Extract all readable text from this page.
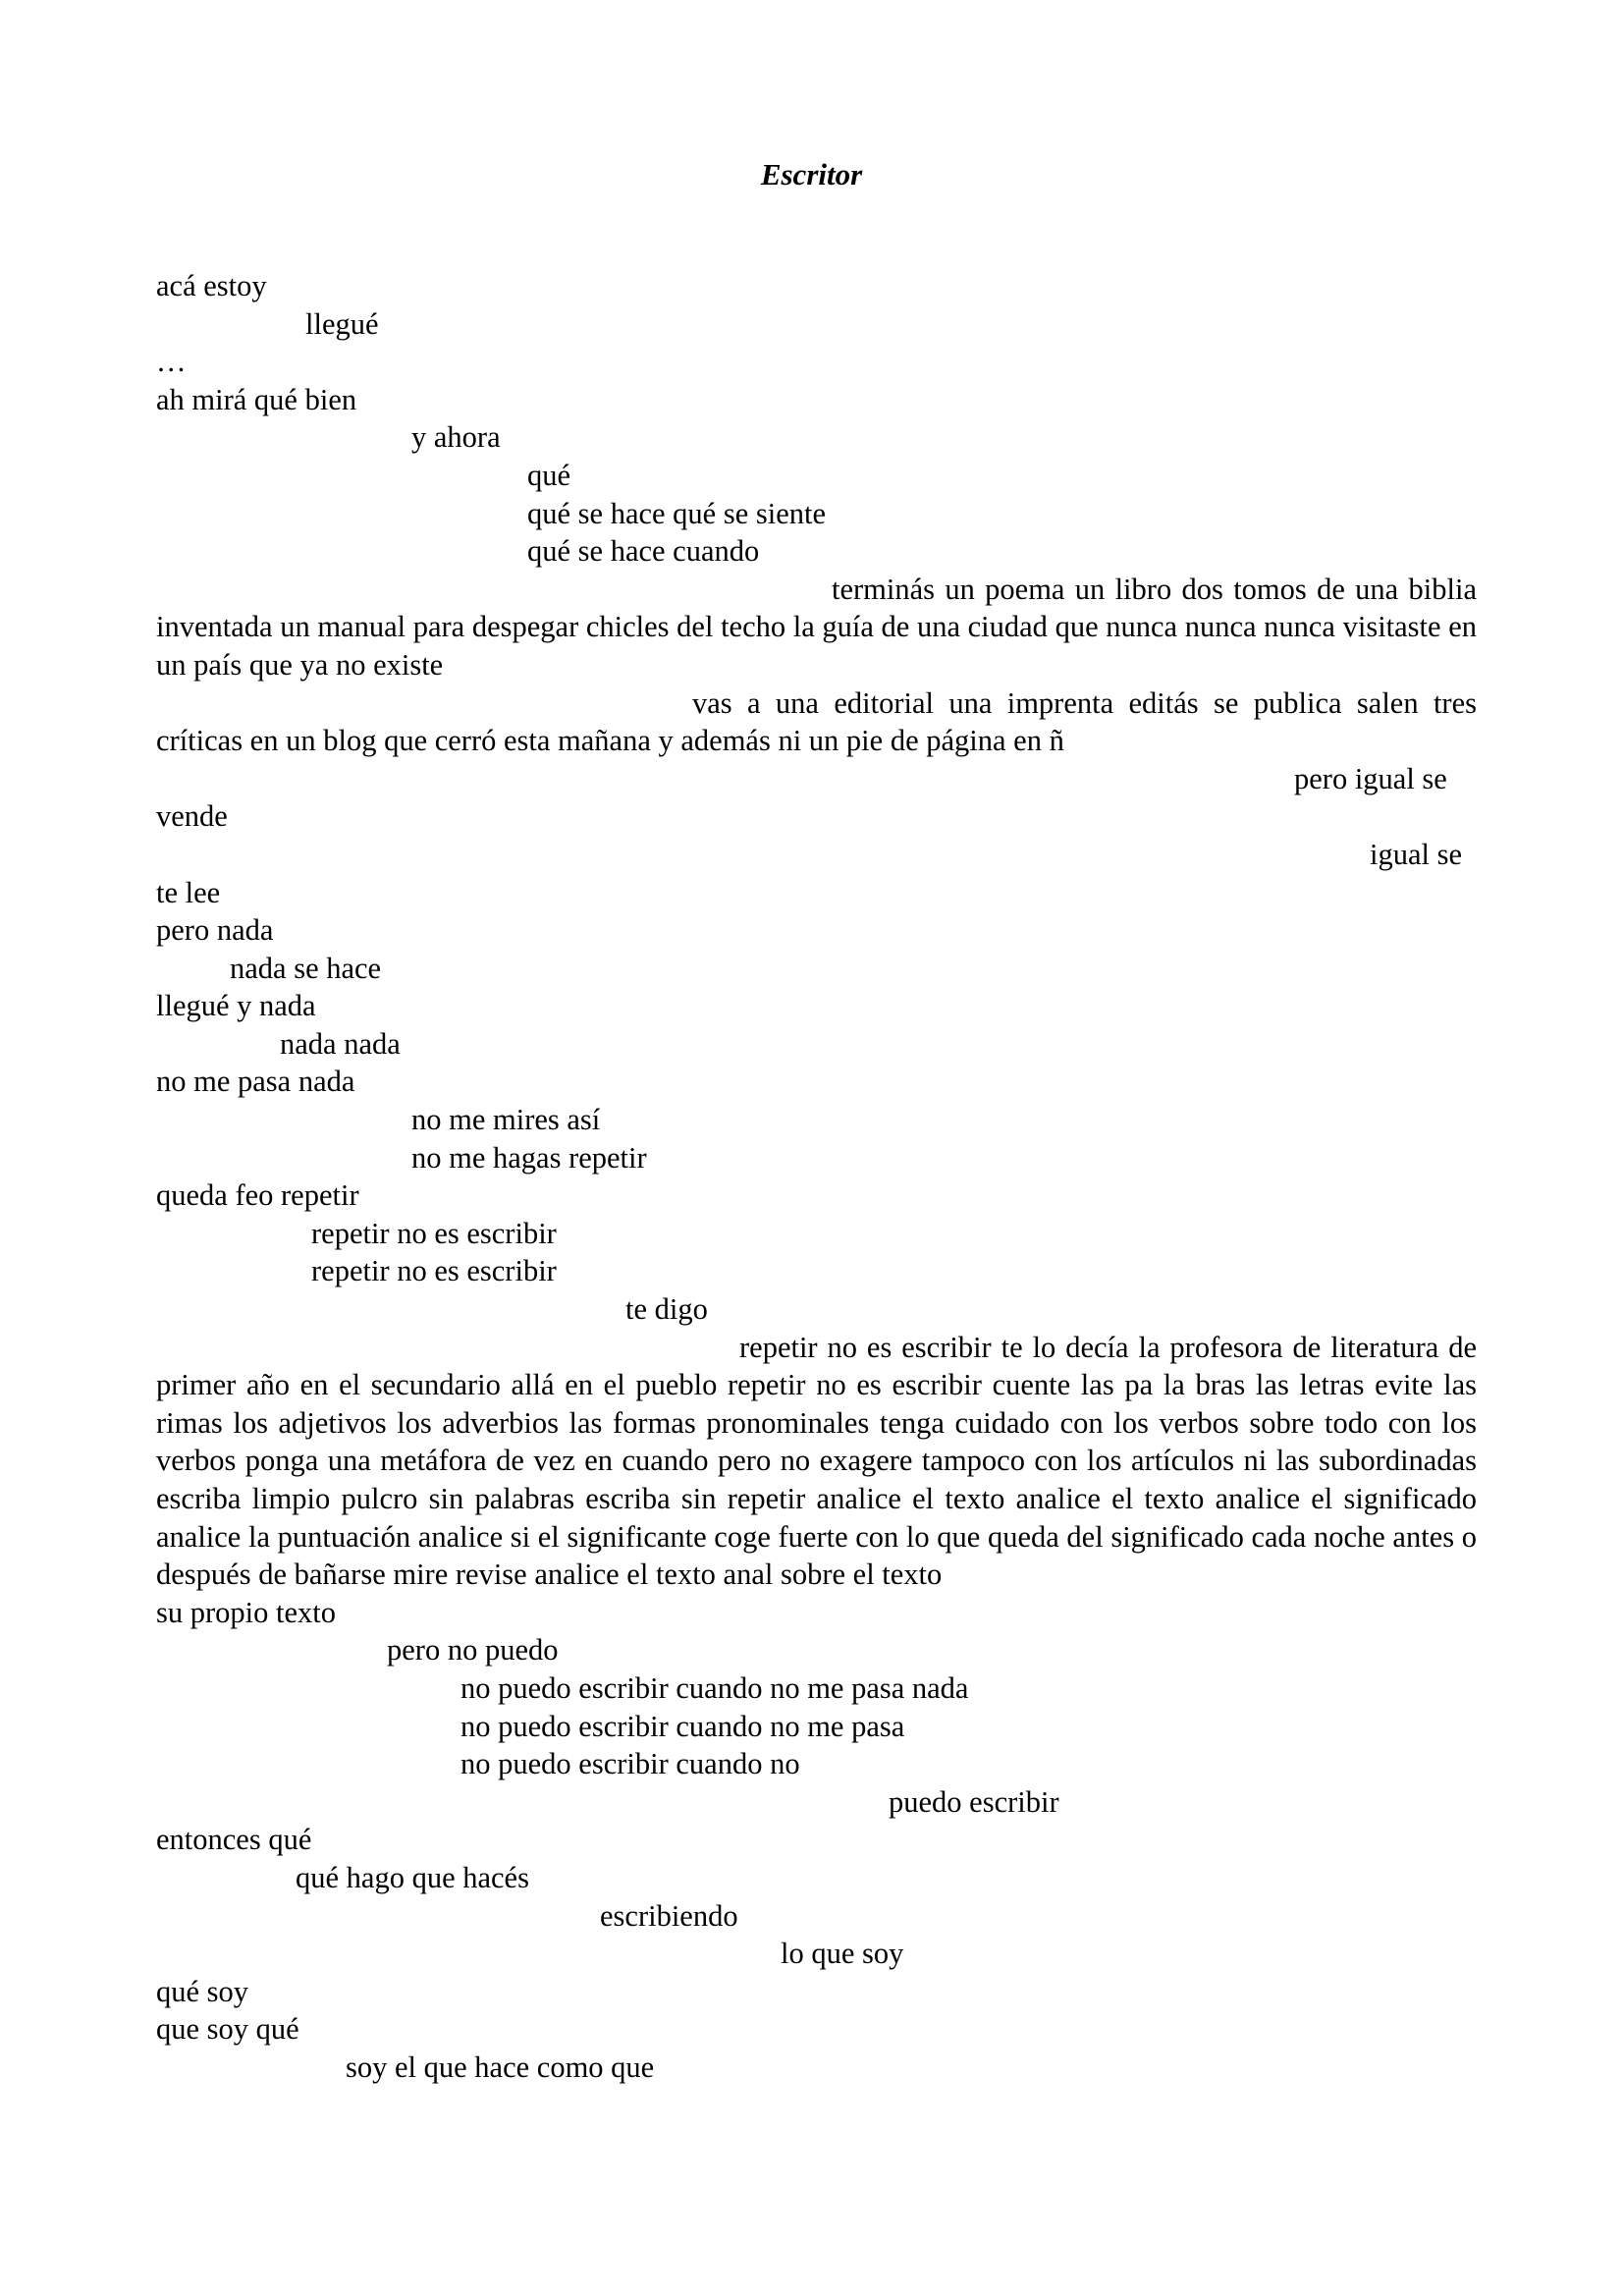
Escritor
acá estoy
llegué
…
ah mirá qué bien
y ahora
qué
qué se hace qué se siente
qué se hace cuando
terminás un poema un libro dos tomos de una biblia inventada un manual para despegar chicles del techo la guía de una ciudad que nunca nunca nunca visitaste en un país que ya no existe
vas a una editorial una imprenta editás se publica salen tres críticas en un blog que cerró esta mañana y además ni un pie de página en ñ
pero igual se
vende
igual se
te lee
pero nada
nada se hace
llegué y nada
nada nada
no me pasa nada
no me mires así
no me hagas repetir
queda feo repetir
repetir no es escribir
repetir no es escribir
te digo
repetir no es escribir te lo decía la profesora de literatura de primer año en el secundario allá en el pueblo repetir no es escribir cuente las pa la bras las letras evite las rimas los adjetivos los adverbios las formas pronominales tenga cuidado con los verbos sobre todo con los verbos ponga una metáfora de vez en cuando pero no exagere tampoco con los artículos ni las subordinadas escriba limpio pulcro sin palabras escriba sin repetir analice el texto analice el texto analice el significado analice la puntuación analice si el significante coge fuerte con lo que queda del significado cada noche antes o después de bañarse mire revise analice el texto anal sobre el texto
su propio texto
pero no puedo
no puedo escribir cuando no me pasa nada
no puedo escribir cuando no me pasa
no puedo escribir cuando no
puedo escribir
entonces qué
qué hago que hacés
escribiendo
lo que soy
qué soy
que soy qué
soy el que hace como que
